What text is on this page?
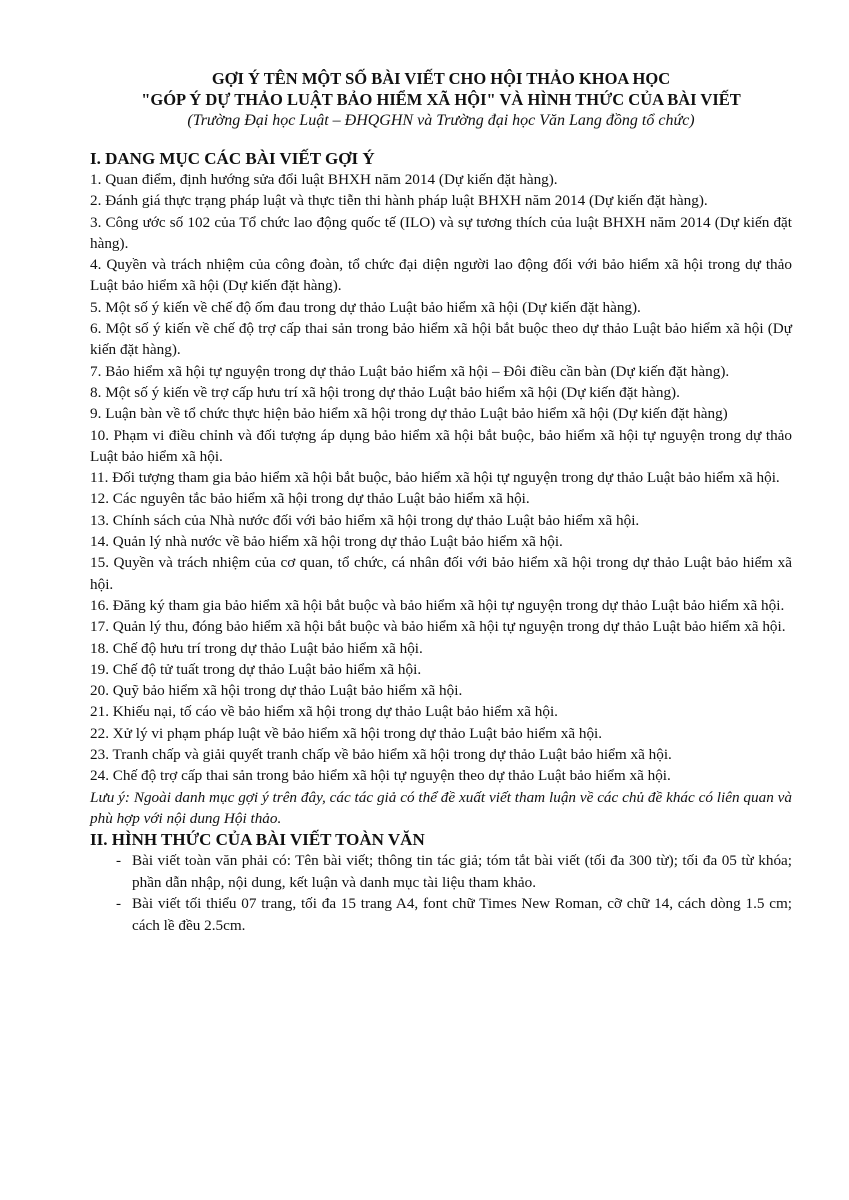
GỢI Ý TÊN MỘT SỐ BÀI VIẾT CHO HỘI THẢO KHOA HỌC

"GÓP Ý DỰ THẢO LUẬT BẢO HIỂM XÃ HỘI" VÀ HÌNH THỨC CỦA BÀI VIẾT

(Trường Đại học Luật – ĐHQGHN và Trường đại học Văn Lang đồng tổ chức)

I. DANG MỤC CÁC BÀI VIẾT GỢI Ý

1. Quan điểm, định hướng sửa đổi luật BHXH năm 2014 (Dự kiến đặt hàng).

2. Đánh giá thực trạng pháp luật và thực tiễn thi hành pháp luật BHXH năm 2014 (Dự kiến đặt hàng).

3. Công ước số 102 của Tổ chức lao động quốc tế (ILO) và sự tương thích của luật BHXH năm 2014 (Dự kiến đặt hàng).

4. Quyền và trách nhiệm của công đoàn, tổ chức đại diện người lao động đối với bảo hiểm xã hội trong dự thảo Luật bảo hiểm xã hội (Dự kiến đặt hàng).

5. Một số ý kiến về chế độ ốm đau trong dự thảo Luật bảo hiểm xã hội (Dự kiến đặt hàng).

6. Một số ý kiến về chế độ trợ cấp thai sản trong bảo hiểm xã hội bắt buộc theo dự thảo Luật bảo hiểm xã hội (Dự kiến đặt hàng).

7. Bảo hiểm xã hội tự nguyện trong dự thảo Luật bảo hiểm xã hội – Đôi điều cần bàn (Dự kiến đặt hàng).

8. Một số ý kiến về trợ cấp hưu trí xã hội trong dự thảo Luật bảo hiểm xã hội (Dự kiến đặt hàng).

9. Luận bàn về tổ chức thực hiện bảo hiểm xã hội trong dự thảo Luật bảo hiểm xã hội (Dự kiến đặt hàng)

10. Phạm vi điều chỉnh và đối tượng áp dụng bảo hiểm xã hội bắt buộc, bảo hiểm xã hội tự nguyện trong dự thảo Luật bảo hiểm xã hội.

11. Đối tượng tham gia bảo hiểm xã hội bắt buộc, bảo hiểm xã hội tự nguyện trong dự thảo Luật bảo hiểm xã hội.

12. Các nguyên tắc bảo hiểm xã hội trong dự thảo Luật bảo hiểm xã hội.

13. Chính sách của Nhà nước đối với bảo hiểm xã hội trong dự thảo Luật bảo hiểm xã hội.

14. Quản lý nhà nước về bảo hiểm xã hội trong dự thảo Luật bảo hiểm xã hội.

15. Quyền và trách nhiệm của cơ quan, tổ chức, cá nhân đối với bảo hiểm xã hội trong dự thảo Luật bảo hiểm xã hội.

16. Đăng ký tham gia bảo hiểm xã hội bắt buộc và bảo hiểm xã hội tự nguyện trong dự thảo Luật bảo hiểm xã hội.

17. Quản lý thu, đóng bảo hiểm xã hội bắt buộc và bảo hiểm xã hội tự nguyện trong dự thảo Luật bảo hiểm xã hội.

18. Chế độ hưu trí trong dự thảo Luật bảo hiểm xã hội.

19. Chế độ tử tuất trong dự thảo Luật bảo hiểm xã hội.

20. Quỹ bảo hiểm xã hội trong dự thảo Luật bảo hiểm xã hội.

21. Khiếu nại, tố cáo về bảo hiểm xã hội trong dự thảo Luật bảo hiểm xã hội.

22. Xử lý vi phạm pháp luật về bảo hiểm xã hội trong dự thảo Luật bảo hiểm xã hội.

23. Tranh chấp và giải quyết tranh chấp về bảo hiểm xã hội trong dự thảo Luật bảo hiểm xã hội.

24. Chế độ trợ cấp thai sản trong bảo hiểm xã hội tự nguyện theo dự thảo Luật bảo hiểm xã hội.

Lưu ý: Ngoài danh mục gợi ý trên đây, các tác giả có thể đề xuất viết tham luận về các chủ đề khác có liên quan và phù hợp với nội dung Hội thảo.

II. HÌNH THỨC CỦA BÀI VIẾT TOÀN VĂN
- Bài viết toàn văn phải có: Tên bài viết; thông tin tác giả; tóm tắt bài viết (tối đa 300 từ); tối đa 05 từ khóa; phần dẫn nhập, nội dung, kết luận và danh mục tài liệu tham khảo.
- Bài viết tối thiểu 07 trang, tối đa 15 trang A4, font chữ Times New Roman, cỡ chữ 14, cách dòng 1.5 cm; cách lề đều 2.5cm.
